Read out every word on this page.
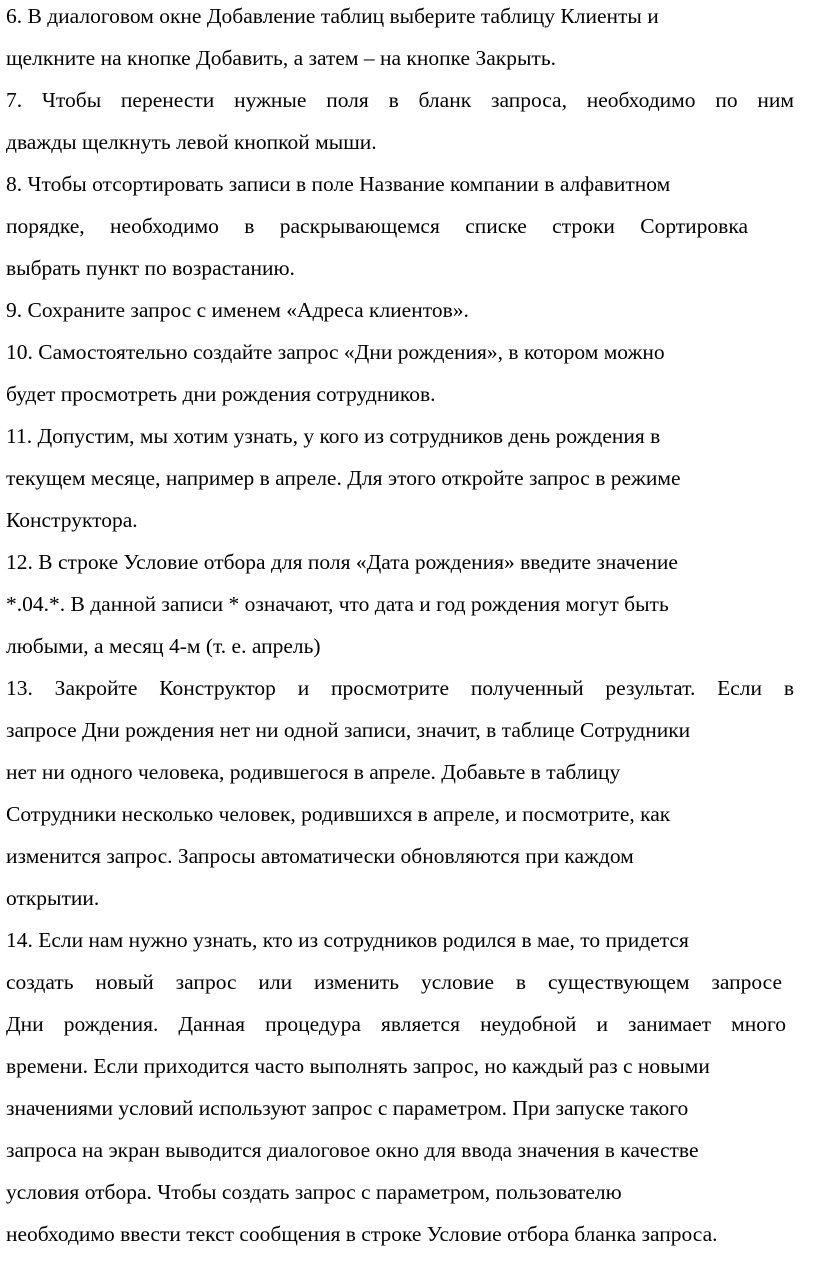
6. В диалоговом окне Добавление таблиц выберите таблицу Клиенты и
щелкните на кнопке Добавить, а затем – на кнопке Закрыть.
7. Чтобы перенести нужные поля в бланк запроса, необходимо по ним
дважды щелкнуть левой кнопкой мыши.
8. Чтобы отсортировать записи в поле Название компании в алфавитном
порядке, необходимо в раскрывающемся списке строки Сортировка
выбрать пункт по возрастанию.
9. Сохраните запрос с именем «Адреса клиентов».
10. Самостоятельно создайте запрос «Дни рождения», в котором можно
будет просмотреть дни рождения сотрудников.
11. Допустим, мы хотим узнать, у кого из сотрудников день рождения в
текущем месяце, например в апреле. Для этого откройте запрос в режиме
Конструктора.
12. В строке Условие отбора для поля «Дата рождения» введите значение
*.04.*. В данной записи * означают, что дата и год рождения могут быть
любыми, а месяц 4-м (т. е. апрель)
13. Закройте Конструктор и просмотрите полученный результат. Если в
запросе Дни рождения нет ни одной записи, значит, в таблице Сотрудники
нет ни одного человека, родившегося в апреле. Добавьте в таблицу
Сотрудники несколько человек, родившихся в апреле, и посмотрите, как
изменится запрос. Запросы автоматически обновляются при каждом
открытии.
14. Если нам нужно узнать, кто из сотрудников родился в мае, то придется
создать новый запрос или изменить условие в существующем запросе
Дни рождения. Данная процедура является неудобной и занимает много
времени. Если приходится часто выполнять запрос, но каждый раз с новыми
значениями условий используют запрос с параметром. При запуске такого
запроса на экран выводится диалоговое окно для ввода значения в качестве
условия отбора. Чтобы создать запрос с параметром, пользователю
необходимо ввести текст сообщения в строке Условие отбора бланка запроса.
